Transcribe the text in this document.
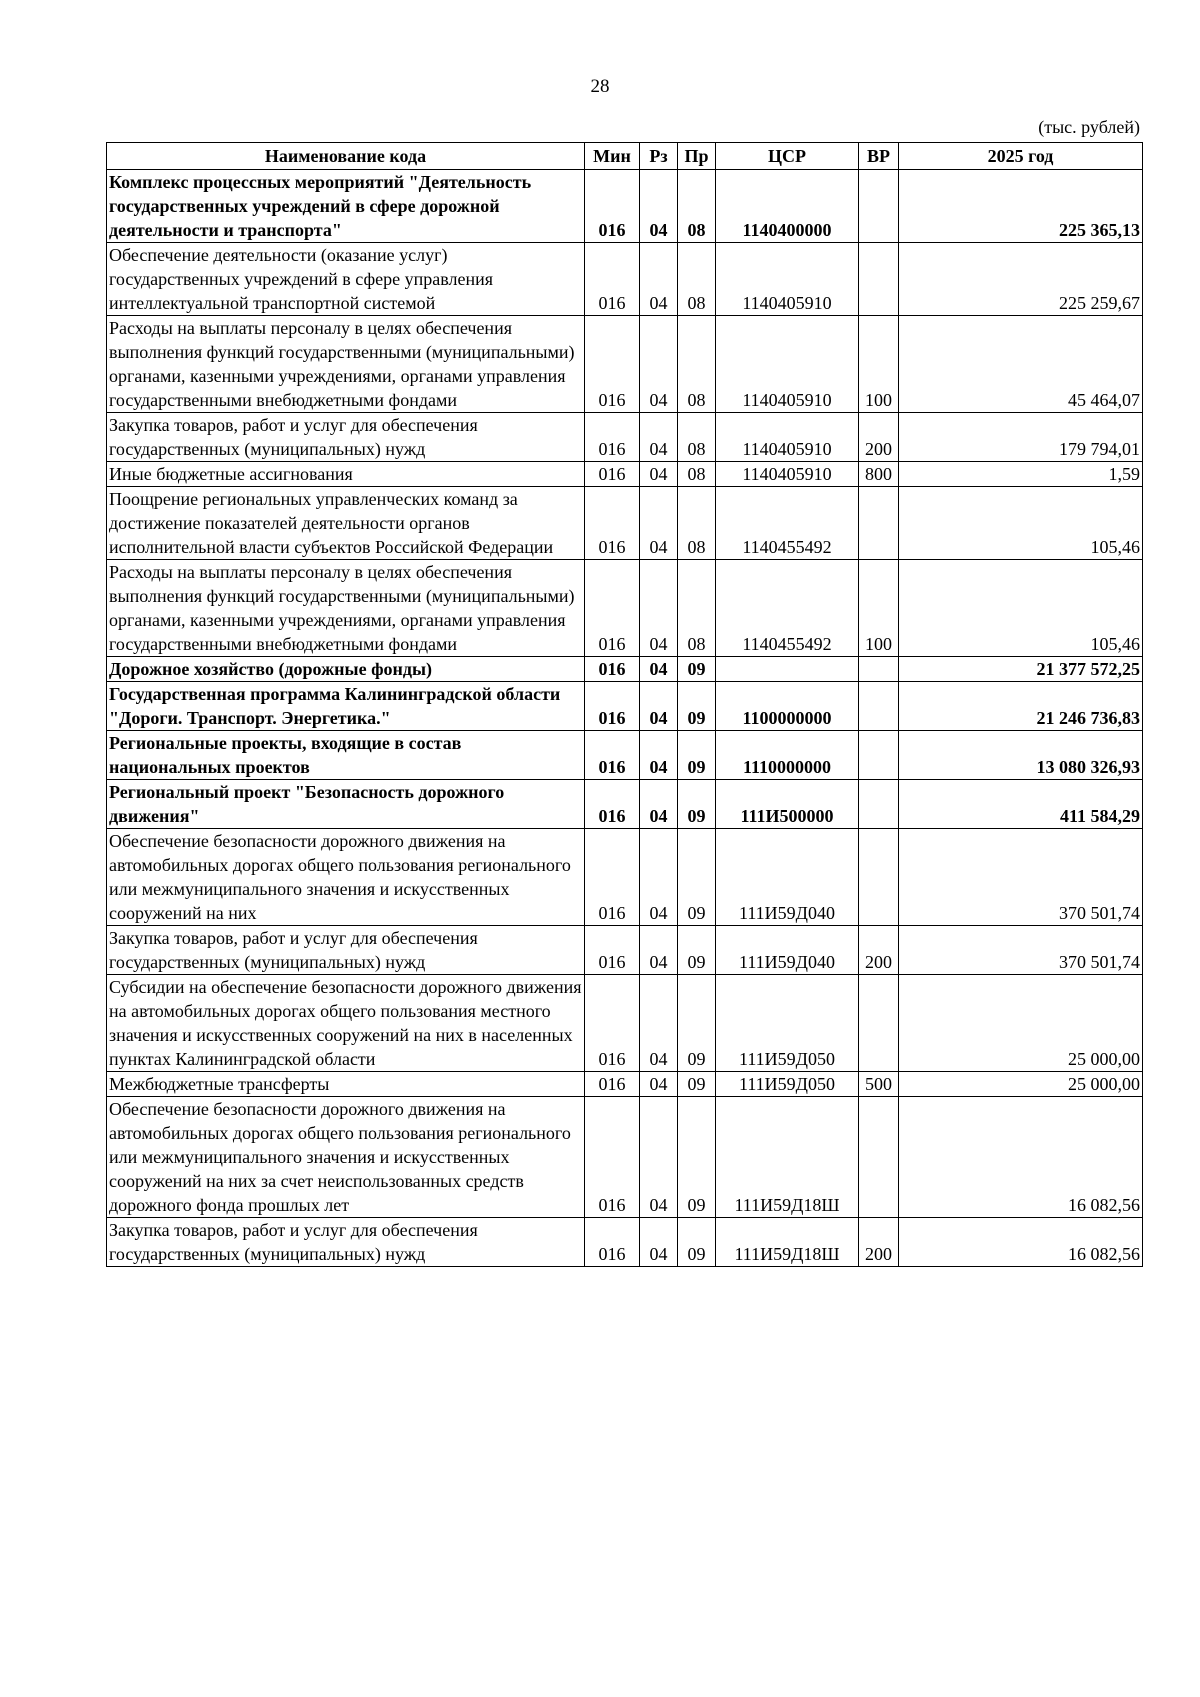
28
(тыс. рублей)
Наименование кода	Мин	Рз	Пр	ЦСР	ВР	2025 год
Комплекс процессных мероприятий "Деятельность государственных учреждений в сфере дорожной деятельности и транспорта"	016	04	08	1140400000		225 365,13
Обеспечение деятельности (оказание услуг) государственных учреждений в сфере управления интеллектуальной транспортной системой	016	04	08	1140405910		225 259,67
Расходы на выплаты персоналу в целях обеспечения выполнения функций государственными (муниципальными) органами, казенными учреждениями, органами управления государственными внебюджетными фондами	016	04	08	1140405910	100	45 464,07
Закупка товаров, работ и услуг для обеспечения государственных (муниципальных) нужд	016	04	08	1140405910	200	179 794,01
Иные бюджетные ассигнования	016	04	08	1140405910	800	1,59
Поощрение региональных управленческих команд за достижение показателей деятельности органов исполнительной власти субъектов Российской Федерации	016	04	08	1140455492		105,46
Расходы на выплаты персоналу в целях обеспечения выполнения функций государственными (муниципальными) органами, казенными учреждениями, органами управления государственными внебюджетными фондами	016	04	08	1140455492	100	105,46
Дорожное хозяйство (дорожные фонды)	016	04	09			21 377 572,25
Государственная программа Калининградской области "Дороги. Транспорт. Энергетика."	016	04	09	1100000000		21 246 736,83
Региональные проекты, входящие в состав национальных проектов	016	04	09	1110000000		13 080 326,93
Региональный проект "Безопасность дорожного движения"	016	04	09	111И500000		411 584,29
Обеспечение безопасности дорожного движения на автомобильных дорогах общего пользования регионального или межмуниципального значения и искусственных сооружений на них	016	04	09	111И59Д040		370 501,74
Закупка товаров, работ и услуг для обеспечения государственных (муниципальных) нужд	016	04	09	111И59Д040	200	370 501,74
Субсидии на обеспечение безопасности дорожного движения на автомобильных дорогах общего пользования местного значения и искусственных сооружений на них в населенных пунктах Калининградской области	016	04	09	111И59Д050		25 000,00
Межбюджетные трансферты	016	04	09	111И59Д050	500	25 000,00
Обеспечение безопасности дорожного движения на автомобильных дорогах общего пользования регионального или межмуниципального значения и искусственных сооружений на них за счет неиспользованных средств дорожного фонда прошлых лет	016	04	09	111И59Д18Ш		16 082,56
Закупка товаров, работ и услуг для обеспечения государственных (муниципальных) нужд	016	04	09	111И59Д18Ш	200	16 082,56
